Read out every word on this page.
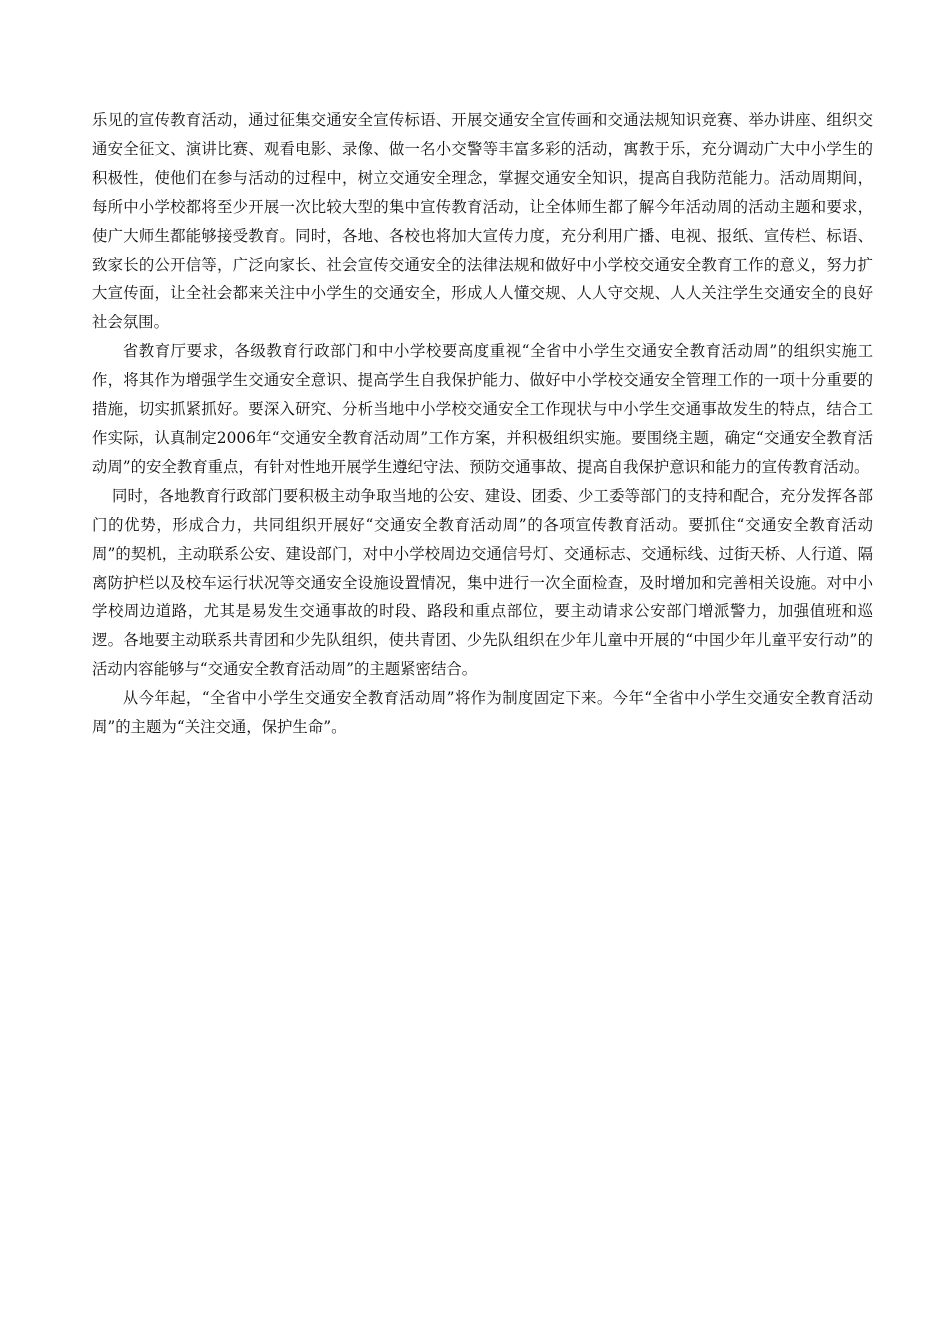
乐见的宣传教育活动，通过征集交通安全宣传标语、开展交通安全宣传画和交通法规知识竞赛、举办讲座、组织交通安全征文、演讲比赛、观看电影、录像、做一名小交警等丰富多彩的活动，寓教于乐，充分调动广大中小学生的积极性，使他们在参与活动的过程中，树立交通安全理念，掌握交通安全知识，提高自我防范能力。活动周期间，每所中小学校都将至少开展一次比较大型的集中宣传教育活动，让全体师生都了解今年活动周的活动主题和要求，使广大师生都能够接受教育。同时，各地、各校也将加大宣传力度，充分利用广播、电视、报纸、宣传栏、标语、致家长的公开信等，广泛向家长、社会宣传交通安全的法律法规和做好中小学校交通安全教育工作的意义，努力扩大宣传面，让全社会都来关注中小学生的交通安全，形成人人懂交规、人人守交规、人人关注学生交通安全的良好社会氛围。

省教育厅要求，各级教育行政部门和中小学校要高度重视“全省中小学生交通安全教育活动周”的组织实施工作，将其作为增强学生交通安全意识、提高学生自我保护能力、做好中小学校交通安全管理工作的一项十分重要的措施，切实抓紧抓好。要深入研究、分析当地中小学校交通安全工作现状与中小学生交通事故发生的特点，结合工作实际，认真制定2006年“交通安全教育活动周”工作方案，并积极组织实施。要围绕主题，确定“交通安全教育活动周”的安全教育重点，有针对性地开展学生遵纪守法、预防交通事故、提高自我保护意识和能力的宣传教育活动。

同时，各地教育行政部门要积极主动争取当地的公安、建设、团委、少工委等部门的支持和配合，充分发挥各部门的优势，形成合力，共同组织开展好“交通安全教育活动周”的各项宣传教育活动。要抓住“交通安全教育活动周”的契机，主动联系公安、建设部门，对中小学校周边交通信号灯、交通标志、交通标线、过街天桥、人行道、隔离防护栏以及校车运行状况等交通安全设施设置情况，集中进行一次全面检查，及时增加和完善相关设施。对中小学校周边道路，尤其是易发生交通事故的时段、路段和重点部位，要主动请求公安部门增派警力，加强值班和巡逻。各地要主动联系共青团和少先队组织，使共青团、少先队组织在少年儿童中开展的“中国少年儿童平安行动”的活动内容能够与“交通安全教育活动周”的主题紧密结合。

从今年起，“全省中小学生交通安全教育活动周”将作为制度固定下来。今年“全省中小学生交通安全教育活动周”的主题为“关注交通，保护生命”。
